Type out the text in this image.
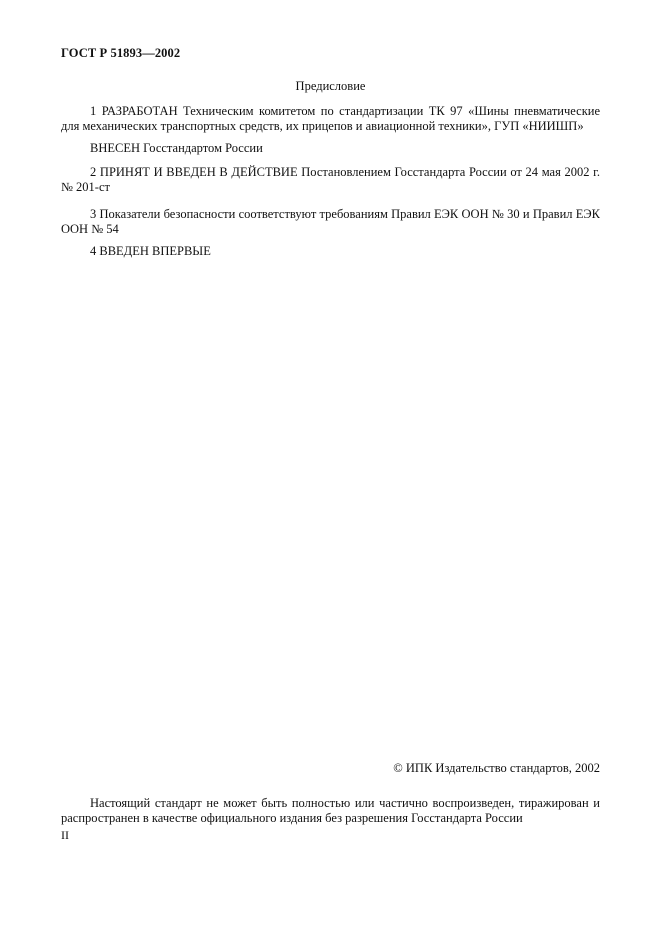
ГОСТ Р 51893—2002
Предисловие

1 РАЗРАБОТАН Техническим комитетом по стандартизации ТК 97 «Шины пневматические для механических транспортных средств, их прицепов и авиационной техники», ГУП «НИИШП»

ВНЕСЕН Госстандартом России

2 ПРИНЯТ И ВВЕДЕН В ДЕЙСТВИЕ Постановлением Госстандарта России от 24 мая 2002 г. № 201-ст

3 Показатели безопасности соответствуют требованиям Правил ЕЭК ООН № 30 и Правил ЕЭК ООН № 54

4 ВВЕДЕН ВПЕРВЫЕ

© ИПК Издательство стандартов, 2002

Настоящий стандарт не может быть полностью или частично воспроизведен, тиражирован и распространен в качестве официального издания без разрешения Госстандарта России

II
